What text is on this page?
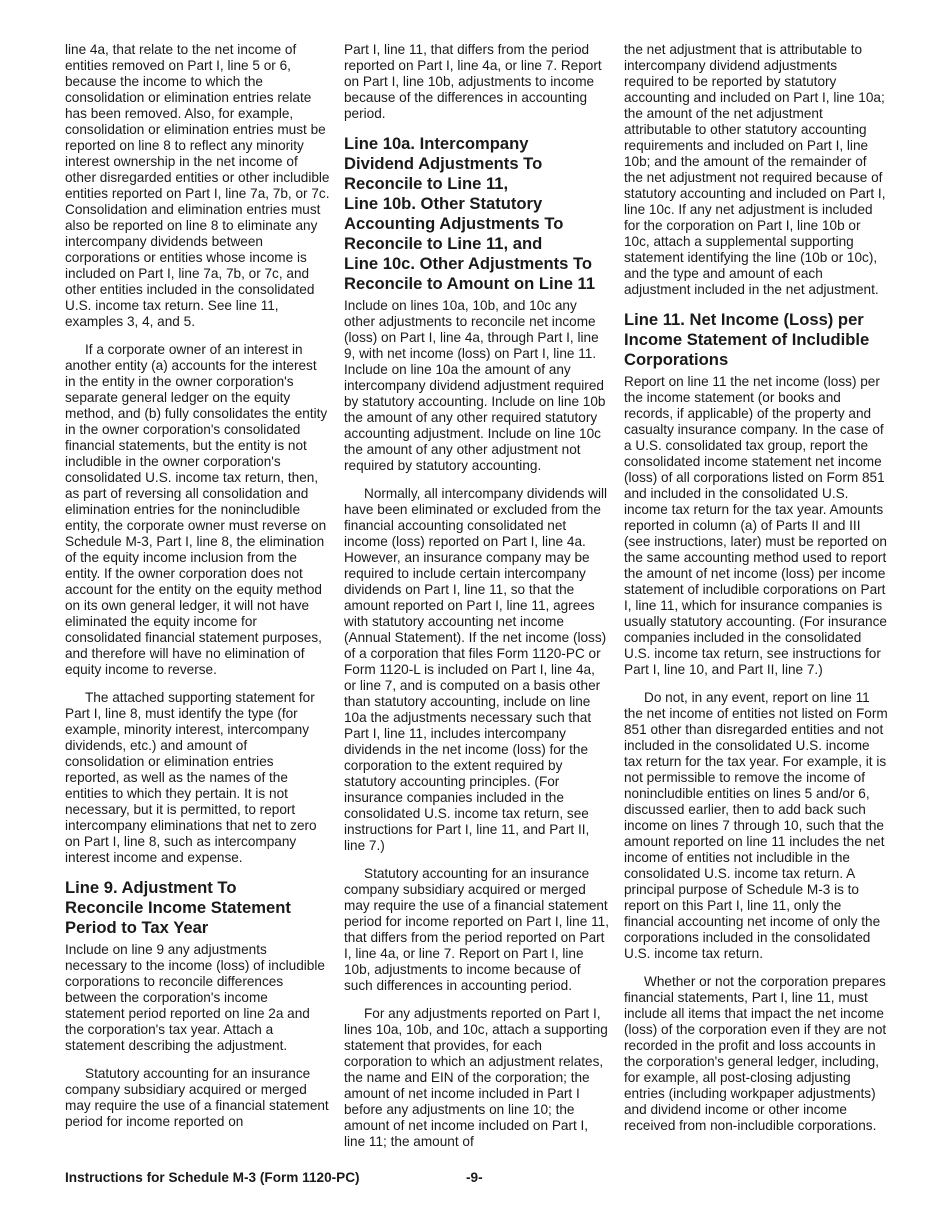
line 4a, that relate to the net income of entities removed on Part I, line 5 or 6, because the income to which the consolidation or elimination entries relate has been removed. Also, for example, consolidation or elimination entries must be reported on line 8 to reflect any minority interest ownership in the net income of other disregarded entities or other includible entities reported on Part I, line 7a, 7b, or 7c. Consolidation and elimination entries must also be reported on line 8 to eliminate any intercompany dividends between corporations or entities whose income is included on Part I, line 7a, 7b, or 7c, and other entities included in the consolidated U.S. income tax return. See line 11, examples 3, 4, and 5.

If a corporate owner of an interest in another entity (a) accounts for the interest in the entity in the owner corporation's separate general ledger on the equity method, and (b) fully consolidates the entity in the owner corporation's consolidated financial statements, but the entity is not includible in the owner corporation's consolidated U.S. income tax return, then, as part of reversing all consolidation and elimination entries for the nonincludible entity, the corporate owner must reverse on Schedule M-3, Part I, line 8, the elimination of the equity income inclusion from the entity. If the owner corporation does not account for the entity on the equity method on its own general ledger, it will not have eliminated the equity income for consolidated financial statement purposes, and therefore will have no elimination of equity income to reverse.

The attached supporting statement for Part I, line 8, must identify the type (for example, minority interest, intercompany dividends, etc.) and amount of consolidation or elimination entries reported, as well as the names of the entities to which they pertain. It is not necessary, but it is permitted, to report intercompany eliminations that net to zero on Part I, line 8, such as intercompany interest income and expense.

Line 9. Adjustment To
Reconcile Income Statement
Period to Tax Year

Include on line 9 any adjustments necessary to the income (loss) of includible corporations to reconcile differences between the corporation's income statement period reported on line 2a and the corporation's tax year. Attach a statement describing the adjustment.

Statutory accounting for an insurance company subsidiary acquired or merged may require the use of a financial statement period for income reported on

Part I, line 11, that differs from the period reported on Part I, line 4a, or line 7. Report on Part I, line 10b, adjustments to income because of the differences in accounting period.

Line 10a. Intercompany
Dividend Adjustments To
Reconcile to Line 11,
Line 10b. Other Statutory
Accounting Adjustments To
Reconcile to Line 11, and
Line 10c. Other Adjustments To
Reconcile to Amount on Line 11

Include on lines 10a, 10b, and 10c any other adjustments to reconcile net income (loss) on Part I, line 4a, through Part I, line 9, with net income (loss) on Part I, line 11. Include on line 10a the amount of any intercompany dividend adjustment required by statutory accounting. Include on line 10b the amount of any other required statutory accounting adjustment. Include on line 10c the amount of any other adjustment not required by statutory accounting.

Normally, all intercompany dividends will have been eliminated or excluded from the financial accounting consolidated net income (loss) reported on Part I, line 4a. However, an insurance company may be required to include certain intercompany dividends on Part I, line 11, so that the amount reported on Part I, line 11, agrees with statutory accounting net income (Annual Statement). If the net income (loss) of a corporation that files Form 1120-PC or Form 1120-L is included on Part I, line 4a, or line 7, and is computed on a basis other than statutory accounting, include on line 10a the adjustments necessary such that Part I, line 11, includes intercompany dividends in the net income (loss) for the corporation to the extent required by statutory accounting principles. (For insurance companies included in the consolidated U.S. income tax return, see instructions for Part I, line 11, and Part II, line 7.)

Statutory accounting for an insurance company subsidiary acquired or merged may require the use of a financial statement period for income reported on Part I, line 11, that differs from the period reported on Part I, line 4a, or line 7. Report on Part I, line 10b, adjustments to income because of such differences in accounting period.

For any adjustments reported on Part I, lines 10a, 10b, and 10c, attach a supporting statement that provides, for each corporation to which an adjustment relates, the name and EIN of the corporation; the amount of net income included in Part I before any adjustments on line 10; the amount of net income included on Part I, line 11; the amount of

the net adjustment that is attributable to intercompany dividend adjustments required to be reported by statutory accounting and included on Part I, line 10a; the amount of the net adjustment attributable to other statutory accounting requirements and included on Part I, line 10b; and the amount of the remainder of the net adjustment not required because of statutory accounting and included on Part I, line 10c. If any net adjustment is included for the corporation on Part I, line 10b or 10c, attach a supplemental supporting statement identifying the line (10b or 10c), and the type and amount of each adjustment included in the net adjustment.

Line 11. Net Income (Loss) per
Income Statement of Includible
Corporations

Report on line 11 the net income (loss) per the income statement (or books and records, if applicable) of the property and casualty insurance company. In the case of a U.S. consolidated tax group, report the consolidated income statement net income (loss) of all corporations listed on Form 851 and included in the consolidated U.S. income tax return for the tax year. Amounts reported in column (a) of Parts II and III (see instructions, later) must be reported on the same accounting method used to report the amount of net income (loss) per income statement of includible corporations on Part I, line 11, which for insurance companies is usually statutory accounting. (For insurance companies included in the consolidated U.S. income tax return, see instructions for Part I, line 10, and Part II, line 7.)

Do not, in any event, report on line 11 the net income of entities not listed on Form 851 other than disregarded entities and not included in the consolidated U.S. income tax return for the tax year. For example, it is not permissible to remove the income of nonincludible entities on lines 5 and/or 6, discussed earlier, then to add back such income on lines 7 through 10, such that the amount reported on line 11 includes the net income of entities not includible in the consolidated U.S. income tax return. A principal purpose of Schedule M-3 is to report on this Part I, line 11, only the financial accounting net income of only the corporations included in the consolidated U.S. income tax return.

Whether or not the corporation prepares financial statements, Part I, line 11, must include all items that impact the net income (loss) of the corporation even if they are not recorded in the profit and loss accounts in the corporation's general ledger, including, for example, all post-closing adjusting entries (including workpaper adjustments) and dividend income or other income received from non-includible corporations.

Instructions for Schedule M-3 (Form 1120-PC)	-9-
